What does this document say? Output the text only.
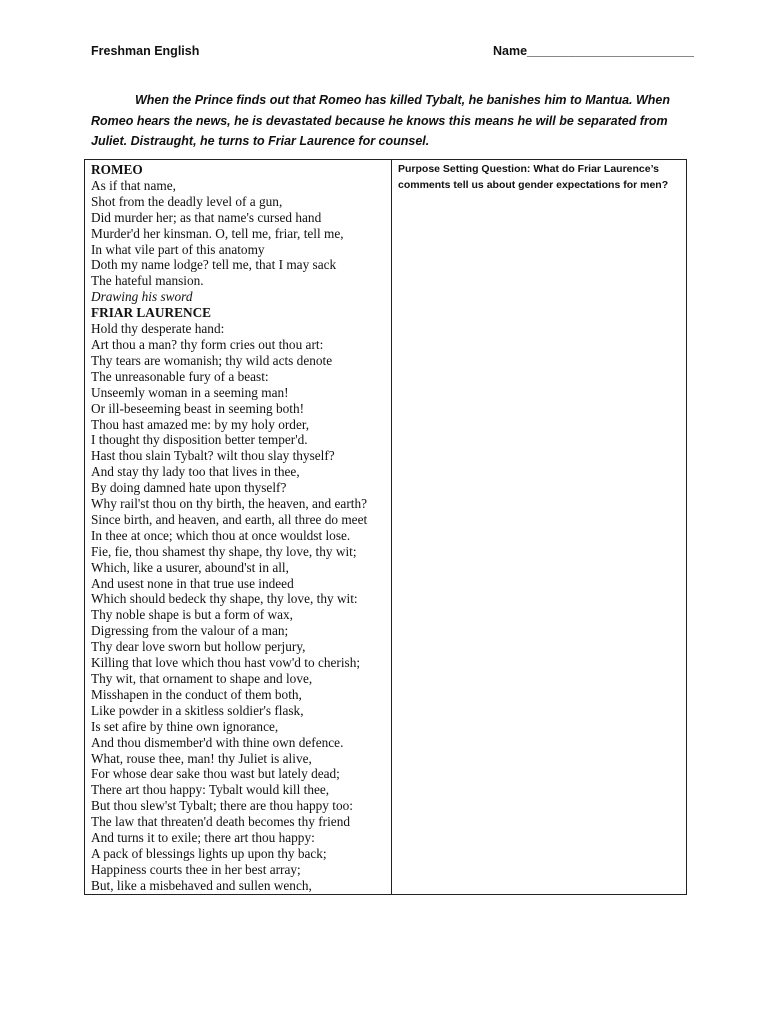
Freshman English	Name________________________
When the Prince finds out that Romeo has killed Tybalt, he banishes him to Mantua. When Romeo hears the news, he is devastated because he knows this means he will be separated from Juliet. Distraught, he turns to Friar Laurence for counsel.
ROMEO
As if that name,
Shot from the deadly level of a gun,
Did murder her; as that name's cursed hand
Murder'd her kinsman. O, tell me, friar, tell me,
In what vile part of this anatomy
Doth my name lodge? tell me, that I may sack
The hateful mansion.
Drawing his sword
FRIAR LAURENCE
Hold thy desperate hand:
Art thou a man? thy form cries out thou art:
Thy tears are womanish; thy wild acts denote
The unreasonable fury of a beast:
Unseemly woman in a seeming man!
Or ill-beseeming beast in seeming both!
Thou hast amazed me: by my holy order,
I thought thy disposition better temper'd.
Hast thou slain Tybalt? wilt thou slay thyself?
And stay thy lady too that lives in thee,
By doing damned hate upon thyself?
Why rail'st thou on thy birth, the heaven, and earth?
Since birth, and heaven, and earth, all three do meet
In thee at once; which thou at once wouldst lose.
Fie, fie, thou shamest thy shape, thy love, thy wit;
Which, like a usurer, abound'st in all,
And usest none in that true use indeed
Which should bedeck thy shape, thy love, thy wit:
Thy noble shape is but a form of wax,
Digressing from the valour of a man;
Thy dear love sworn but hollow perjury,
Killing that love which thou hast vow'd to cherish;
Thy wit, that ornament to shape and love,
Misshapen in the conduct of them both,
Like powder in a skitless soldier's flask,
Is set afire by thine own ignorance,
And thou dismember'd with thine own defence.
What, rouse thee, man! thy Juliet is alive,
For whose dear sake thou wast but lately dead;
There art thou happy: Tybalt would kill thee,
But thou slew'st Tybalt; there are thou happy too:
The law that threaten'd death becomes thy friend
And turns it to exile; there art thou happy:
A pack of blessings lights up upon thy back;
Happiness courts thee in her best array;
But, like a misbehaved and sullen wench,

Purpose Setting Question: What do Friar Laurence’s comments tell us about gender expectations for men?
